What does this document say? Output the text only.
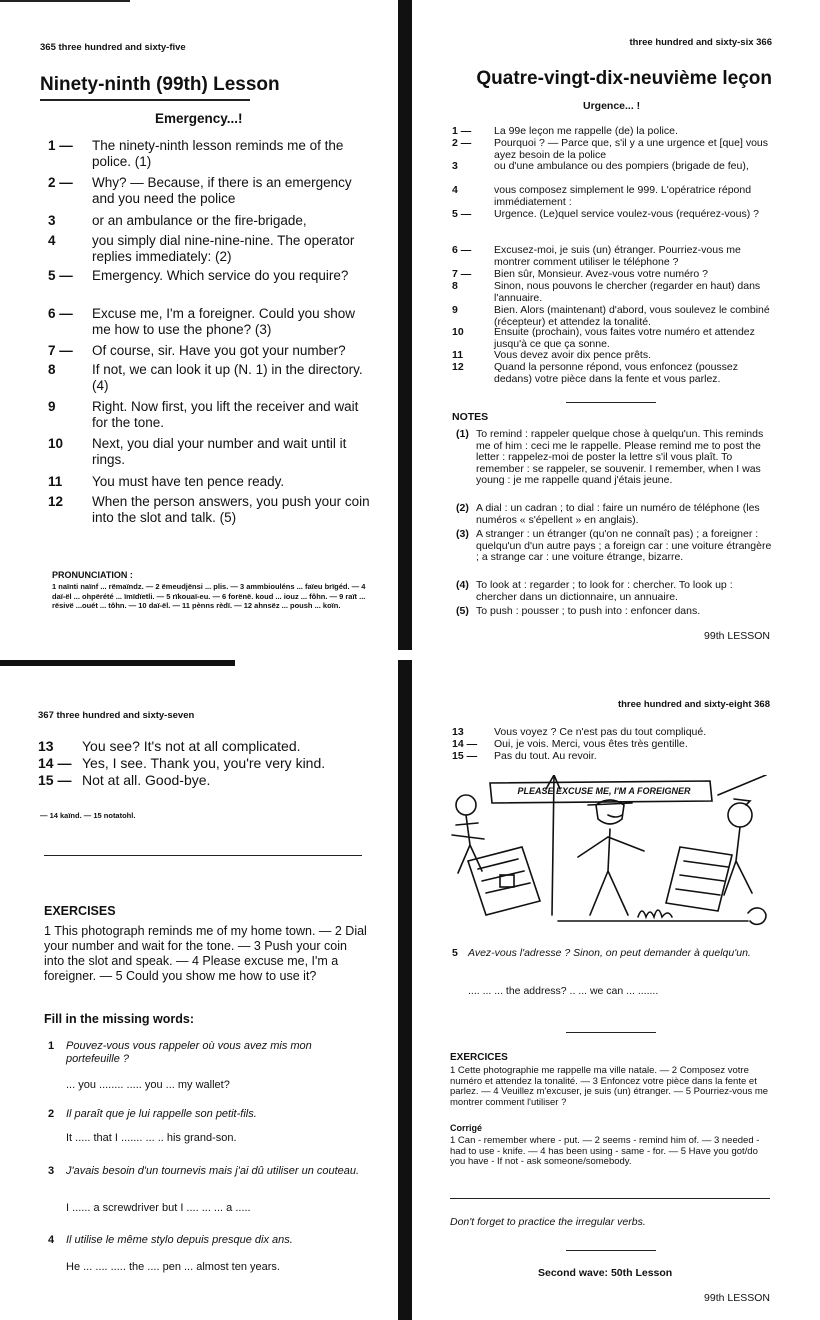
365 three hundred and sixty-five
Ninety-ninth (99th) Lesson
Emergency...!
1 — The ninety-ninth lesson reminds me of the police. (1)
2 — Why? — Because, if there is an emergency and you need the police
3	or an ambulance or the fire-brigade,
4	you simply dial nine-nine-nine. The operator replies immediately: (2)
5 — Emergency. Which service do you require?
6 — Excuse me, I'm a foreigner. Could you show me how to use the phone? (3)
7 — Of course, sir. Have you got your number?
8	If not, we can look it up (N. 1) in the directory. (4)
9	Right. Now first, you lift the receiver and wait for the tone.
10 Next, you dial your number and wait until it rings.
11 You must have ten pence ready.
12 When the person answers, you push your coin into the slot and talk. (5)
PRONUNCIATION :
1 naïnti naïnf ... rëmaïndz. — 2 ëmeudjënsi ... plis. — 3 ammbiouléns ... faïeu brïgéd. — 4 daï-ël ... ohpërété ... ïmïdïetli. — 5 rïkouaï-eu. — 6 forënë. koud ... iouz ... fôhn. — 9 raït ... rësivë ...ouét ... tôhn. — 10 daï-ël. — 11 pènns rèdï. — 12 ahnsëz ... poush ... koïn.
three hundred and sixty-six 366
Quatre-vingt-dix-neuvième leçon
Urgence... !
1 — La 99e leçon me rappelle (de) la police.
2 — Pourquoi ? — Parce que, s'il y a une urgence et [que] vous ayez besoin de la police
3	ou d'une ambulance ou des pompiers (brigade de feu),
4	vous composez simplement le 999. L'opératrice répond immédiatement :
5 — Urgence. (Le)quel service voulez-vous (requérez-vous) ?
6 — Excusez-moi, je suis (un) étranger. Pourriez-vous me montrer comment utiliser le téléphone ?
7 — Bien sûr, Monsieur. Avez-vous votre numéro ?
8	Sinon, nous pouvons le chercher (regarder en haut) dans l'annuaire.
9	Bien. Alors (maintenant) d'abord, vous soulevez le combiné (récepteur) et attendez la tonalité.
10	Ensuite (prochain), vous faites votre numéro et attendez jusqu'à ce que ça sonne.
11	Vous devez avoir dix pence prêts.
12	Quand la personne répond, vous enfoncez (poussez dedans) votre pièce dans la fente et vous parlez.
NOTES
(1) To remind : rappeler quelque chose à quelqu'un. This reminds me of him : ceci me le rappelle. Please remind me to post the letter : rappelez-moi de poster la lettre s'il vous plaît. To remember : se rappeler, se souvenir. I remember, when I was young : je me rappelle quand j'étais jeune.
(2) A dial : un cadran ; to dial : faire un numéro de téléphone (les numéros « s'épellent » en anglais).
(3) A stranger : un étranger (qu'on ne connaît pas) ; a foreigner : quelqu'un d'un autre pays ; a foreign car : une voiture étrangère ; a strange car : une voiture étrange, bizarre.
(4) To look at : regarder ; to look for : chercher. To look up : chercher dans un dictionnaire, un annuaire.
(5) To push : pousser ; to push into : enfoncer dans.
99th LESSON
367 three hundred and sixty-seven
13 You see? It's not at all complicated.
14 — Yes, I see. Thank you, you're very kind.
15 — Not at all. Good-bye.
— 14 kaïnd. — 15 notatohl.
EXERCISES
1 This photograph reminds me of my home town. — 2 Dial your number and wait for the tone. — 3 Push your coin into the slot and speak. — 4 Please excuse me, I'm a foreigner. — 5 Could you show me how to use it?
Fill in the missing words:
1 Pouvez-vous vous rappeler où vous avez mis mon portefeuille ?
... you ........ ..... you ... my wallet?
2 Il paraît que je lui rappelle son petit-fils.
It ..... that I ....... ... .. his grand-son.
3 J'avais besoin d'un tournevis mais j'ai dû utiliser un couteau.
I ...... a screwdriver but I .... ... ... a .....
4 Il utilise le même stylo depuis presque dix ans.
He ... .... ..... the .... pen ... almost ten years.
three hundred and sixty-eight 368
13	Vous voyez ? Ce n'est pas du tout compliqué.
14 — Oui, je vois. Merci, vous êtes très gentille.
15 — Pas du tout. Au revoir.
PLEASE EXCUSE ME, I'M A FOREIGNER
5 Avez-vous l'adresse ? Sinon, on peut demander à quelqu'un.
.... ... ... the address? .. ... we can ... .......
EXERCICES
1 Cette photographie me rappelle ma ville natale. — 2 Composez votre numéro et attendez la tonalité. — 3 Enfoncez votre pièce dans la fente et parlez. — 4 Veuillez m'excuser, je suis (un) étranger. — 5 Pourriez-vous me montrer comment l'utiliser ?
Corrigé
1 Can - remember where - put. — 2 seems - remind him of. — 3 needed - had to use - knife. — 4 has been using - same - for. — 5 Have you got/do you have - If not - ask someone/somebody.
Don't forget to practice the irregular verbs.
Second wave: 50th Lesson
99th LESSON
